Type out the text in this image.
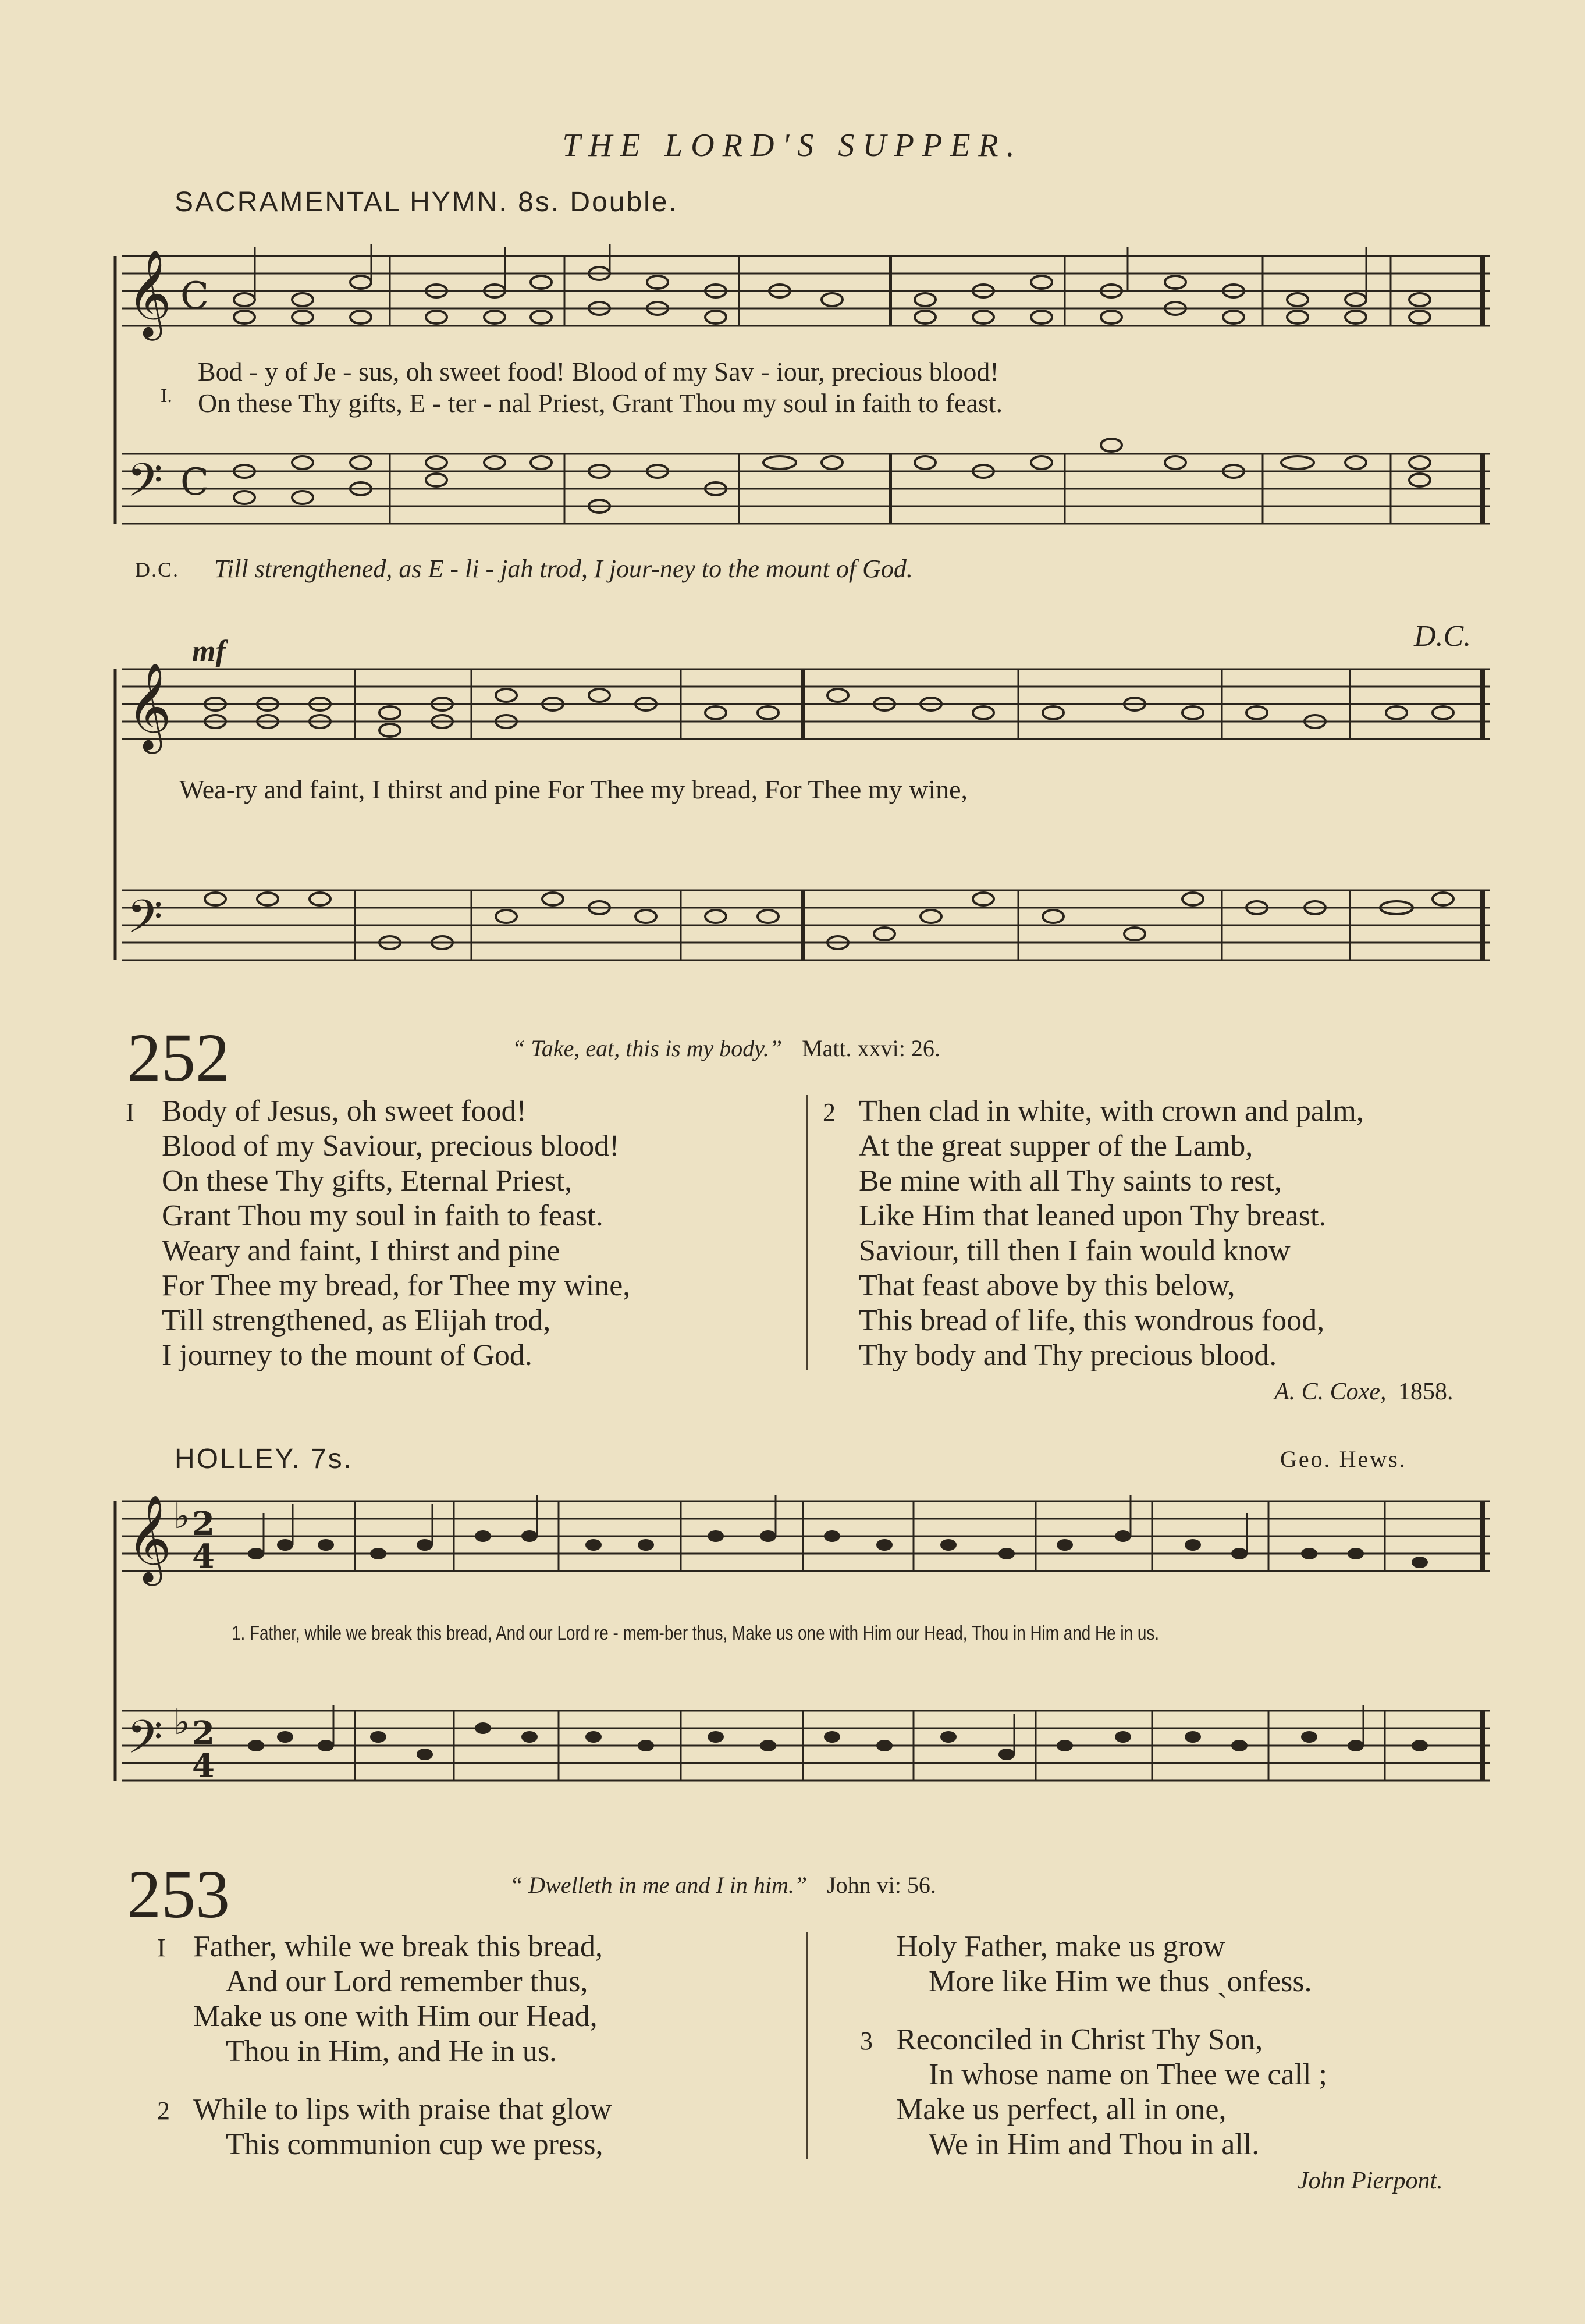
THE LORD'S SUPPER.
SACRAMENTAL HYMN. 8s. Double.
𝄞
𝄢
C
C
I.
Bod - y of Je - sus, oh sweet food! Blood of my Sav - iour, precious blood!
On these Thy gifts, E - ter - nal Priest, Grant Thou my soul in faith to feast.
D.C. Till strengthened, as E - li - jah trod, I jour-ney to the mount of God.
mf	D.C.
𝄞
𝄢
Wea-ry and faint, I thirst and pine For Thee my bread, For Thee my wine,
252	“ Take, eat, this is my body.” Matt. xxvi: 26.
I Body of Jesus, oh sweet food!
Blood of my Saviour, precious blood!
On these Thy gifts, Eternal Priest,
Grant Thou my soul in faith to feast.
Weary and faint, I thirst and pine
For Thee my bread, for Thee my wine,
Till strengthened, as Elijah trod,
I journey to the mount of God.
2 Then clad in white, with crown and palm,
At the great supper of the Lamb,
Be mine with all Thy saints to rest,
Like Him that leaned upon Thy breast.
Saviour, till then I fain would know
That feast above by this below,
This bread of life, this wondrous food,
Thy body and Thy precious blood.
A. C. Coxe, 1858.
HOLLEY. 7s.	Geo. Hews.
𝄞
𝄢
♭
♭
2
4
2
4
1. Father, while we break this bread, And our Lord re - mem-ber thus, Make us one with Him our Head, Thou in Him and He in us.
253	“ Dwelleth in me and I in him.” John vi: 56.
I Father, while we break this bread,
And our Lord remember thus,
Make us one with Him our Head,
Thou in Him, and He in us.
2 While to lips with praise that glow
This communion cup we press,
Holy Father, make us grow
More like Him we thus ˏonfess.
3 Reconciled in Christ Thy Son,
In whose name on Thee we call ;
Make us perfect, all in one,
We in Him and Thou in all.
John Pierpont.
